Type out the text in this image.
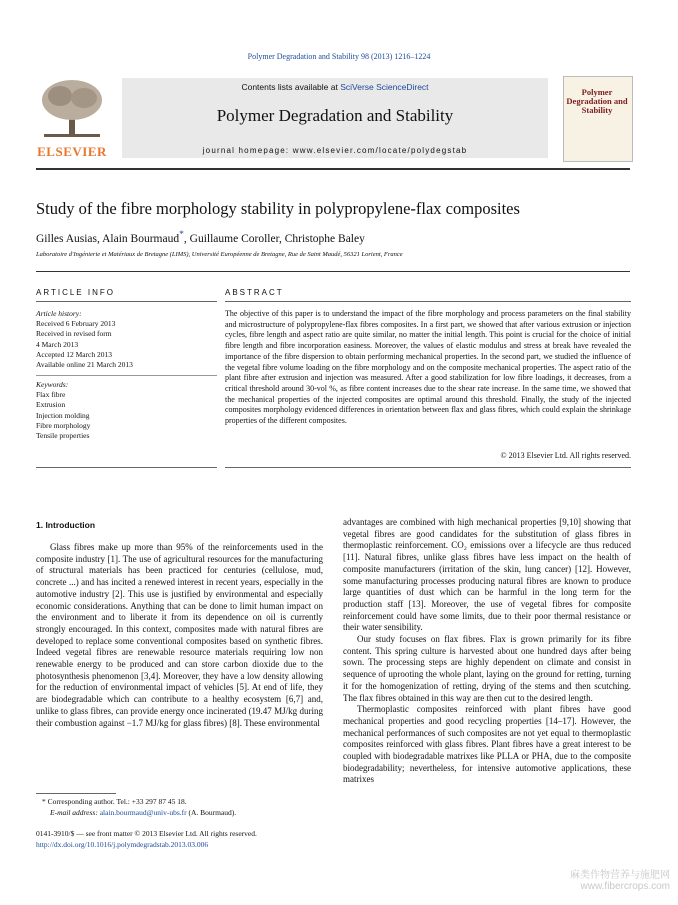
Polymer Degradation and Stability 98 (2013) 1216–1224
ELSEVIER
Contents lists available at SciVerse ScienceDirect
Polymer Degradation and Stability
journal homepage: www.elsevier.com/locate/polydegstab
Polymer Degradation and Stability
Study of the fibre morphology stability in polypropylene-flax composites
Gilles Ausias, Alain Bourmaud*, Guillaume Coroller, Christophe Baley
Laboratoire d'Ingénierie et Matériaux de Bretagne (LIMS), Université Européenne de Bretagne, Rue de Saint Maudé, 56321 Lorient, France
ARTICLE INFO
Article history:
Received 6 February 2013
Received in revised form
4 March 2013
Accepted 12 March 2013
Available online 21 March 2013
Keywords:
Flax fibre
Extrusion
Injection molding
Fibre morphology
Tensile properties
ABSTRACT
The objective of this paper is to understand the impact of the fibre morphology and process parameters on the final stability and microstructure of polypropylene-flax fibres composites. In a first part, we showed that after various extrusion or injection cycles, fibre length and aspect ratio are quite similar, no matter the initial length. This point is crucial for the choice of initial fibre length and fibre incorporation easiness. Moreover, the values of elastic modulus and stress at break have revealed the importance of the fibre dispersion to obtain performing mechanical properties. In the second part, we studied the influence of the vegetal fibre volume loading on the fibre morphology and on the composite mechanical properties. The aspect ratio of the plant fibre after extrusion and injection was measured. After a good stabilization for low fibre loadings, it decreases, from a critical threshold around 30-vol %, as fibre content increases due to the shear rate increase. In the same time, we showed that the mechanical properties of the injected composites are optimal around this threshold. Finally, the study of the injected composites morphology evidenced differences in orientation between flax and glass fibres, which could explain the shrinkage properties of the different composites.
© 2013 Elsevier Ltd. All rights reserved.
1. Introduction

Glass fibres make up more than 95% of the reinforcements used in the composite industry [1]. The use of agricultural resources for the manufacturing of structural materials has been practiced for centuries (cellulose, mud, concrete ...) and has incited a renewed interest in recent years, especially in the automotive industry [2]. This use is justified by environmental and especially economic considerations. Anything that can be done to limit human impact on the environment and to liberate it from its dependence on oil is currently strongly encouraged. In this context, composites made with natural fibres are developed to replace some conventional composites based on synthetic fibres. Indeed vegetal fibres are renewable resource materials requiring low non renewable energy to be produced and can store carbon dioxide due to the photosynthesis phenomenon [3,4]. Moreover, they have a low density allowing for the reduction of environmental impact of vehicles [5]. At end of life, they are biodegradable which can contribute to a healthy ecosystem [6,7] and, unlike to glass fibres, can provide energy once incinerated (19.47 MJ/kg during their combustion against −1.7 MJ/kg for glass fibres) [8]. These environmental

advantages are combined with high mechanical properties [9,10] showing that vegetal fibres are good candidates for the substitution of glass fibres in thermoplastic reinforcement. CO₂ emissions over a lifecycle are thus reduced [11]. Natural fibres, unlike glass fibres have less impact on the health of composite manufacturers (irritation of the skin, lung cancer) [12]. However, some manufacturing processes producing natural fibres are known to produce large quantities of dust which can be harmful in the long term for the production staff [13]. Moreover, the use of vegetal fibres for composite reinforcement could have some limits, due to their poor thermal resistance or their water sensibility.

Our study focuses on flax fibres. Flax is grown primarily for its fibre content. This spring culture is harvested about one hundred days after being sown. The processing steps are highly dependent on climate and consist in sequence of uprooting the whole plant, laying on the ground for retting, turning it for the homogenization of retting, drying of the stems and then scutching. The flax fibres obtained in this way are then cut to the desired length.

Thermoplastic composites reinforced with plant fibres have good mechanical properties and good recycling properties [14–17]. However, the mechanical performances of such composites are not yet equal to thermoplastic composites reinforced with glass fibres. Plant fibres have a great interest to be coupled with biodegradable matrixes like PLLA or PHA, due to the composite biodegradability; nevertheless, for intensive automotive applications, these matrixes

* Corresponding author. Tel.: +33 297 87 45 18.
E-mail address: alain.bourmaud@univ-ubs.fr (A. Bourmaud).
0141-3910/$ — see front matter © 2013 Elsevier Ltd. All rights reserved.
http://dx.doi.org/10.1016/j.polymdegradstab.2013.03.006
麻类作物营养与施肥网
www.fibercrops.com
